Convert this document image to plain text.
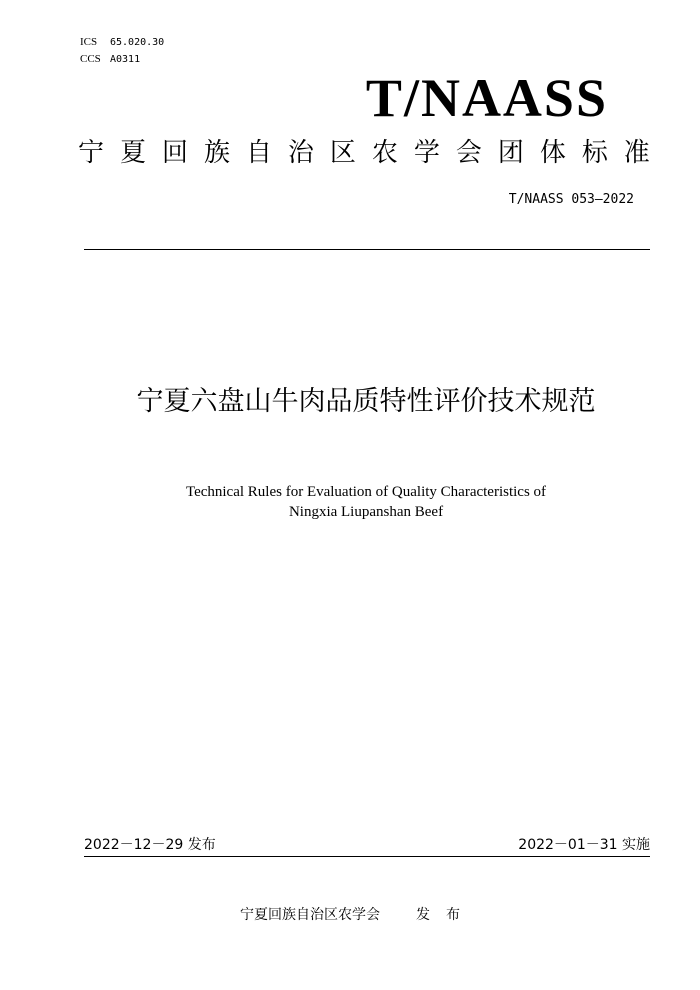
ICS 65.020.30
CCS A0311
T/NAASS
宁 夏 回 族 自 治 区 农 学 会 团 体 标 准
T/NAASS 053—2022
宁夏六盘山牛肉品质特性评价技术规范
Technical Rules for Evaluation of Quality Characteristics of
Ningxia Liupanshan Beef
2022－12－29 发布	2022－01－31 实施
宁夏回族自治区农学会	发布
